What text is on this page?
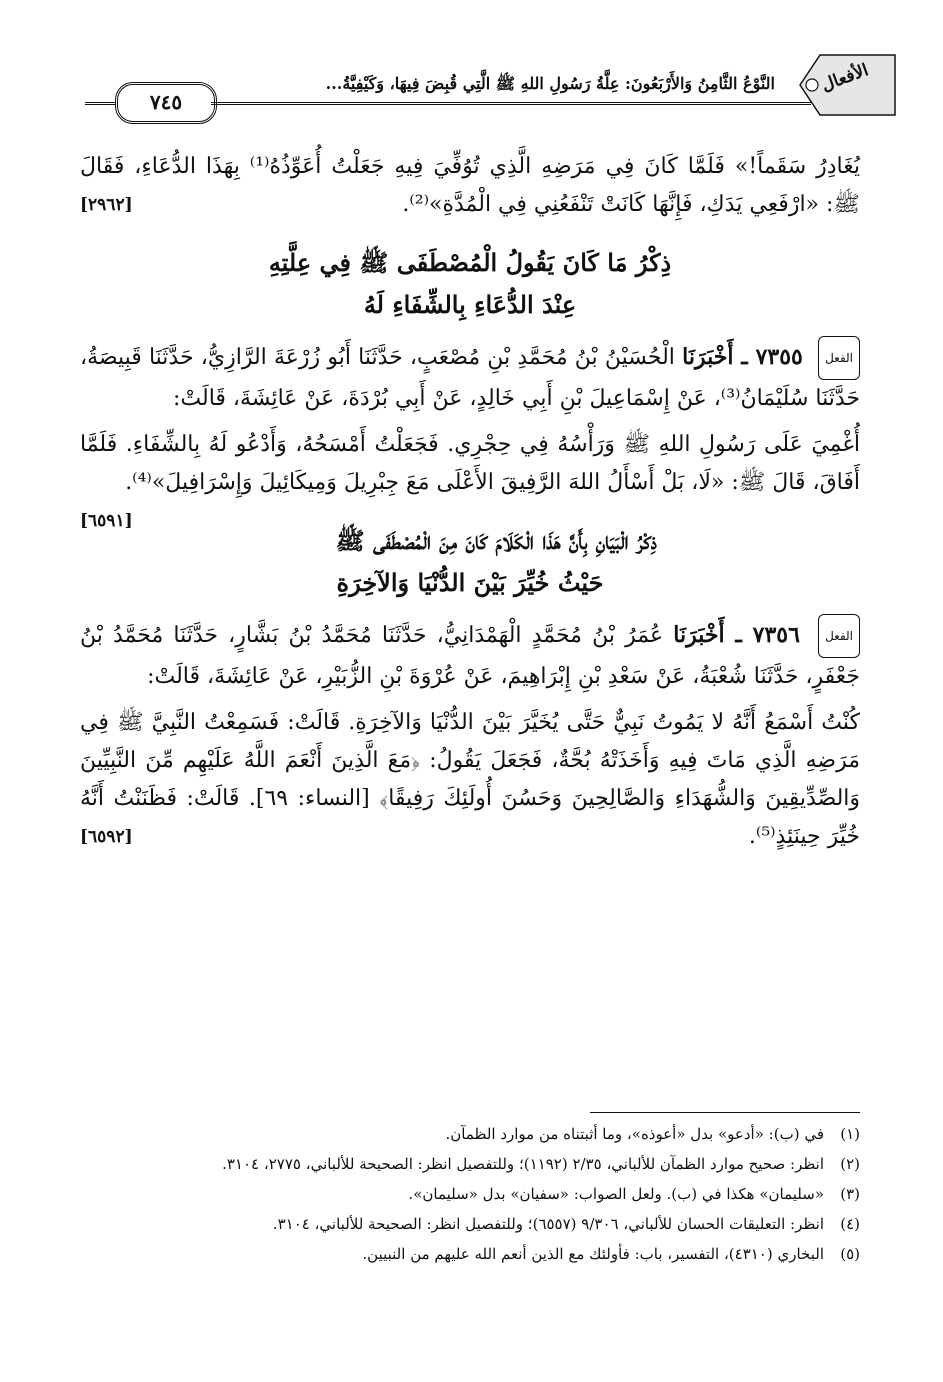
الأفعال
النَّوْعُ الثَّامِنُ وَالأَرْبَعُونَ: عِلَّةُ رَسُولِ اللهِ ﷺ الَّتِي قُبِضَ فِيهَا، وَكَيْفِيَّةُ...
٧٤٥

يُغَادِرُ سَقَماً!» فَلَمَّا كَانَ فِي مَرَضِهِ الَّذِي تُوُفِّيَ فِيهِ جَعَلْتُ أُعَوِّذُهُ⁽¹⁾ بِهَذَا الدُّعَاءِ، فَقَالَ ﷺ: «ارْفَعِي يَدَكِ، فَإِنَّهَا كَانَتْ تَنْفَعُنِي فِي الْمُدَّةِ»⁽²⁾.
[٢٩٦٢]

ذِكْرُ مَا كَانَ يَقُولُ الْمُصْطَفَى ﷺ فِي عِلَّتِهِ
عِنْدَ الدُّعَاءِ بِالشِّفَاءِ لَهُ

الفعل ٧٣٥٥ ـ أَخْبَرَنَا الْحُسَيْنُ بْنُ مُحَمَّدِ بْنِ مُصْعَبٍ، حَدَّثَنَا أَبُو زُرْعَةَ الرَّازِيُّ، حَدَّثَنَا قَبِيصَةُ، حَدَّثَنَا سُلَيْمَانُ⁽³⁾، عَنْ إِسْمَاعِيلَ بْنِ أَبِي خَالِدٍ، عَنْ أَبِي بُرْدَةَ، عَنْ عَائِشَةَ، قَالَتْ:

أُغْمِيَ عَلَى رَسُولِ اللهِ ﷺ وَرَأْسُهُ فِي حِجْرِي. فَجَعَلْتُ أَمْسَحُهُ، وَأَدْعُو لَهُ بِالشِّفَاءِ. فَلَمَّا أَفَاقَ، قَالَ ﷺ: «لَا، بَلْ أَسْأَلُ اللهَ الرَّفِيقَ الأَعْلَى مَعَ جِبْرِيلَ وَمِيكَائِيلَ وَإِسْرَافِيلَ»⁽⁴⁾.
[٦٥٩١]

ذِكْرُ الْبَيَانِ بِأَنَّ هَذَا الْكَلَامَ كَانَ مِنَ الْمُصْطَفَى ﷺ
حَيْثُ خُيِّرَ بَيْنَ الدُّنْيَا وَالآخِرَةِ

الفعل ٧٣٥٦ ـ أَخْبَرَنَا عُمَرُ بْنُ مُحَمَّدٍ الْهَمْدَانِيُّ، حَدَّثَنَا مُحَمَّدُ بْنُ بَشَّارٍ، حَدَّثَنَا مُحَمَّدُ بْنُ جَعْفَرٍ، حَدَّثَنَا شُعْبَةُ، عَنْ سَعْدِ بْنِ إِبْرَاهِيمَ، عَنْ عُرْوَةَ بْنِ الزُّبَيْرِ، عَنْ عَائِشَةَ، قَالَتْ:

كُنْتُ أَسْمَعُ أَنَّهُ لا يَمُوتُ نَبِيٌّ حَتَّى يُخَيَّرَ بَيْنَ الدُّنْيَا وَالآخِرَةِ. قَالَتْ: فَسَمِعْتُ النَّبِيَّ ﷺ فِي مَرَضِهِ الَّذِي مَاتَ فِيهِ وَأَخَذَتْهُ بُحَّةٌ، فَجَعَلَ يَقُولُ: ﴿مَعَ الَّذِينَ أَنْعَمَ اللَّهُ عَلَيْهِم مِّنَ النَّبِيِّينَ وَالصِّدِّيقِينَ وَالشُّهَدَاءِ وَالصَّالِحِينَ وَحَسُنَ أُولَئِكَ رَفِيقًا﴾ [النساء: ٦٩]. قَالَتْ: فَظَنَنْتُ أَنَّهُ خُيِّرَ حِينَئِذٍ⁽⁵⁾.
[٦٥٩٢]

(١)
في (ب): «أدعو» بدل «أعوذه»، وما أثبتناه من موارد الظمآن.
(٢)
انظر: صحيح موارد الظمآن للألباني، ٢/٣٥ (١١٩٢)؛ وللتفصيل انظر: الصحيحة للألباني، ٢٧٧٥، ٣١٠٤.
(٣)
«سليمان» هكذا في (ب). ولعل الصواب: «سفيان» بدل «سليمان».
(٤)
انظر: التعليقات الحسان للألباني، ٩/٣٠٦ (٦٥٥٧)؛ وللتفصيل انظر: الصحيحة للألباني، ٣١٠٤.
(٥)
البخاري (٤٣١٠)، التفسير، باب: فأولئك مع الذين أنعم الله عليهم من النبيين.
